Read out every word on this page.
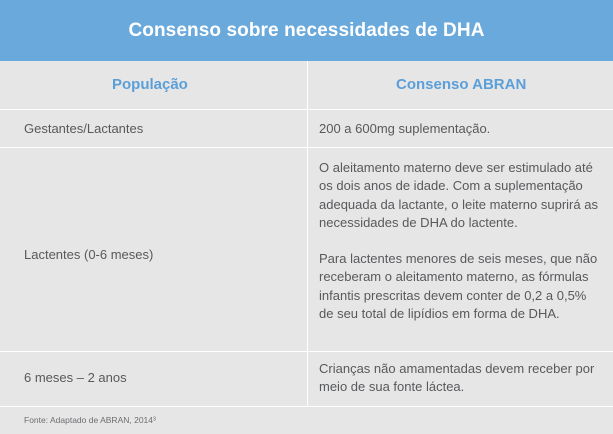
Consenso sobre necessidades de DHA
População	Consenso ABRAN
Gestantes/Lactantes	200 a 600mg suplementação.

Lactentes (0-6 meses)

O aleitamento materno deve ser estimulado até os dois anos de idade. Com a suplementação adequada da lactante, o leite materno suprirá as necessidades de DHA do lactente.

Para lactentes menores de seis meses, que não receberam o aleitamento materno, as fórmulas infantis prescritas devem conter de 0,2 a 0,5% de seu total de lipídios em forma de DHA.

6 meses – 2 anos

Crianças não amamentadas devem receber por meio de sua fonte láctea.

Fonte: Adaptado de ABRAN, 2014³
